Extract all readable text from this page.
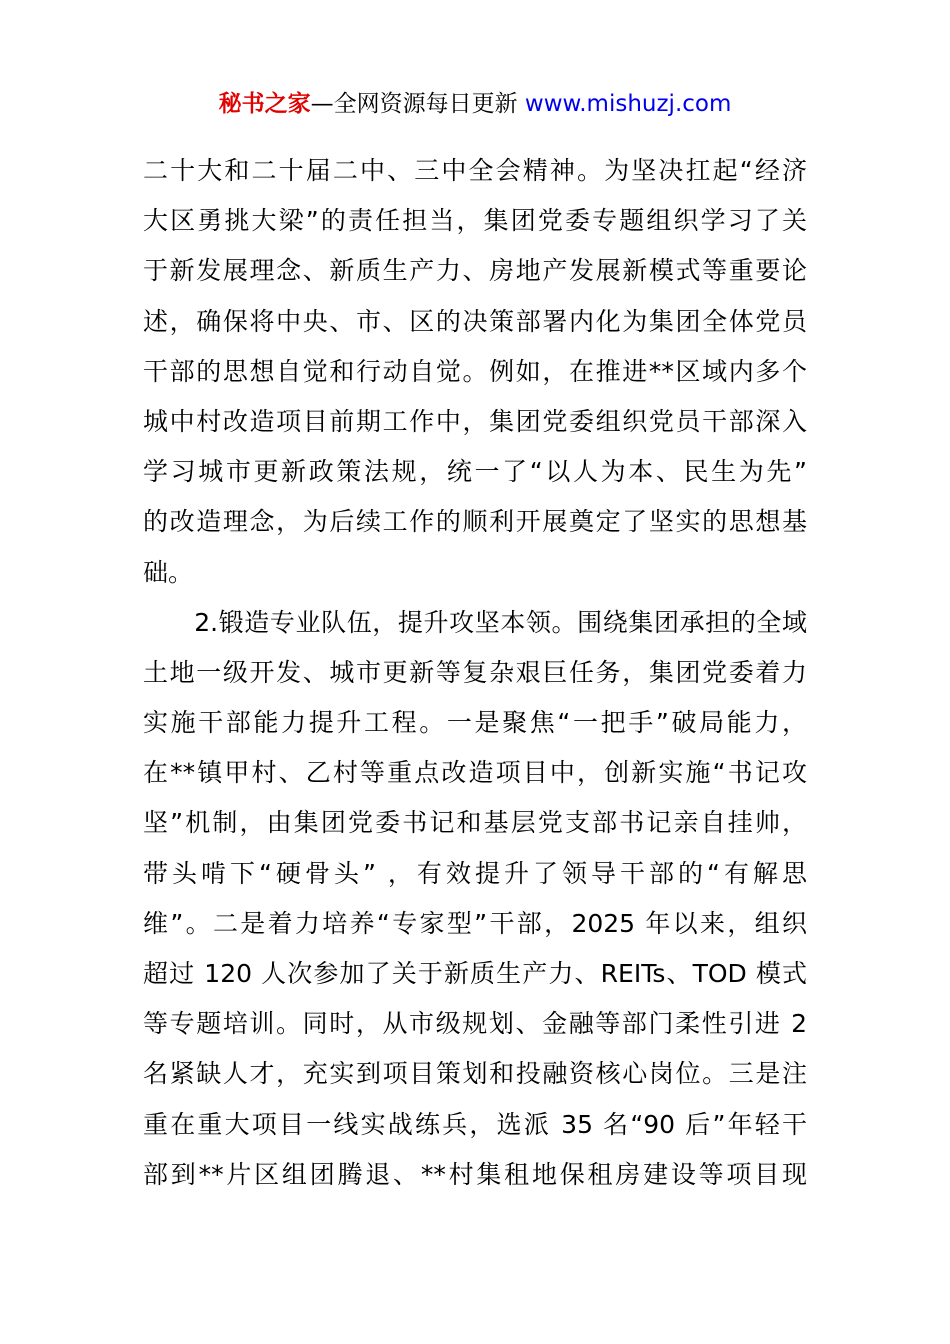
秘书之家—全网资源每日更新 www.mishuzj.com
二十大和二十届二中、三中全会精神。为坚决扛起“经济
大区勇挑大梁”的责任担当，集团党委专题组织学习了关
于新发展理念、新质生产力、房地产发展新模式等重要论
述，确保将中央、市、区的决策部署内化为集团全体党员
干部的思想自觉和行动自觉。例如，在推进**区域内多个
城中村改造项目前期工作中，集团党委组织党员干部深入
学习城市更新政策法规，统一了“以人为本、民生为先”
的改造理念，为后续工作的顺利开展奠定了坚实的思想基
础。
　　2.锻造专业队伍，提升攻坚本领。围绕集团承担的全域
土地一级开发、城市更新等复杂艰巨任务，集团党委着力
实施干部能力提升工程。一是聚焦“一把手”破局能力，
在**镇甲村、乙村等重点改造项目中，创新实施“书记攻
坚”机制，由集团党委书记和基层党支部书记亲自挂帅，
带头啃下“硬骨头” ，有效提升了领导干部的“有解思
维”。二是着力培养“专家型”干部，2025 年以来，组织
超过 120 人次参加了关于新质生产力、REITs、TOD 模式
等专题培训。同时，从市级规划、金融等部门柔性引进 2
名紧缺人才，充实到项目策划和投融资核心岗位。三是注
重在重大项目一线实战练兵，选派 35 名“90 后”年轻干
部到**片区组团腾退、**村集租地保租房建设等项目现
